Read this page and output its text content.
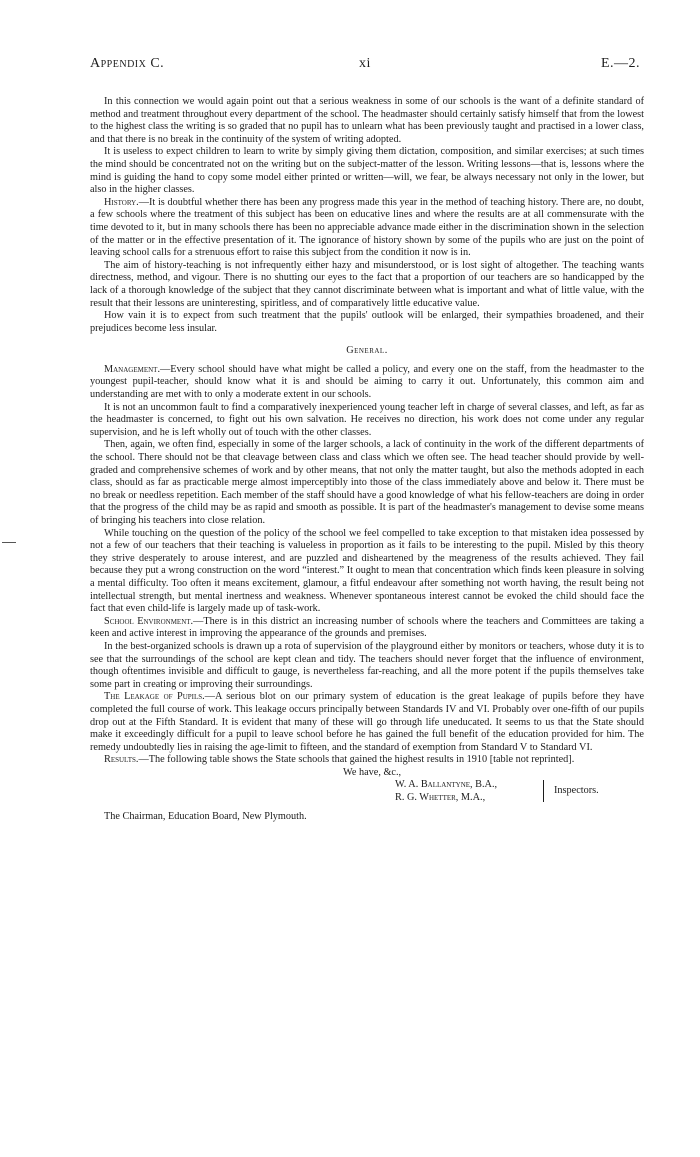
Appendix C.	xi	E.—2.

In this connection we would again point out that a serious weakness in some of our schools is the want of a definite standard of method and treatment throughout every department of the school. The headmaster should certainly satisfy himself that from the lowest to the highest class the writing is so graded that no pupil has to unlearn what has been previously taught and practised in a lower class, and that there is no break in the continuity of the system of writing adopted.

It is useless to expect children to learn to write by simply giving them dictation, composition, and similar exercises; at such times the mind should be concentrated not on the writing but on the subject-matter of the lesson. Writing lessons—that is, lessons where the mind is guiding the hand to copy some model either printed or written—will, we fear, be always necessary not only in the lower, but also in the higher classes.

History.—It is doubtful whether there has been any progress made this year in the method of teaching history. There are, no doubt, a few schools where the treatment of this subject has been on educative lines and where the results are at all commensurate with the time devoted to it, but in many schools there has been no appreciable advance made either in the discrimination shown in the selection of the matter or in the effective presentation of it. The ignorance of history shown by some of the pupils who are just on the point of leaving school calls for a strenuous effort to raise this subject from the condition it now is in.

The aim of history-teaching is not infrequently either hazy and misunderstood, or is lost sight of altogether. The teaching wants directness, method, and vigour. There is no shutting our eyes to the fact that a proportion of our teachers are so handicapped by the lack of a thorough knowledge of the subject that they cannot discriminate between what is important and what of little value, with the result that their lessons are uninteresting, spiritless, and of comparatively little educative value.

How vain it is to expect from such treatment that the pupils' outlook will be enlarged, their sympathies broadened, and their prejudices become less insular.

General.

Management.—Every school should have what might be called a policy, and every one on the staff, from the headmaster to the youngest pupil-teacher, should know what it is and should be aiming to carry it out. Unfortunately, this common aim and understanding are met with to only a moderate extent in our schools.

It is not an uncommon fault to find a comparatively inexperienced young teacher left in charge of several classes, and left, as far as the headmaster is concerned, to fight out his own salvation. He receives no direction, his work does not come under any regular supervision, and he is left wholly out of touch with the other classes.

Then, again, we often find, especially in some of the larger schools, a lack of continuity in the work of the different departments of the school. There should not be that cleavage between class and class which we often see. The head teacher should provide by well-graded and comprehensive schemes of work and by other means, that not only the matter taught, but also the methods adopted in each class, should as far as practicable merge almost imperceptibly into those of the class immediately above and below it. There must be no break or needless repetition. Each member of the staff should have a good knowledge of what his fellow-teachers are doing in order that the progress of the child may be as rapid and smooth as possible. It is part of the headmaster's management to devise some means of bringing his teachers into close relation.

While touching on the question of the policy of the school we feel compelled to take exception to that mistaken idea possessed by not a few of our teachers that their teaching is valueless in proportion as it fails to be interesting to the pupil. Misled by this theory they strive desperately to arouse interest, and are puzzled and disheartened by the meagreness of the results achieved. They fail because they put a wrong construction on the word “interest.” It ought to mean that concentration which finds keen pleasure in solving a mental difficulty. Too often it means excitement, glamour, a fitful endeavour after something not worth having, the result being not intellectual strength, but mental inertness and weakness. Whenever spontaneous interest cannot be evoked the child should face the fact that even child-life is largely made up of task-work.

School Environment.—There is in this district an increasing number of schools where the teachers and Committees are taking a keen and active interest in improving the appearance of the grounds and premises.

In the best-organized schools is drawn up a rota of supervision of the playground either by monitors or teachers, whose duty it is to see that the surroundings of the school are kept clean and tidy. The teachers should never forget that the influence of environment, though oftentimes invisible and difficult to gauge, is nevertheless far-reaching, and all the more potent if the pupils themselves take some part in creating or improving their surroundings.

The Leakage of Pupils.—A serious blot on our primary system of education is the great leakage of pupils before they have completed the full course of work. This leakage occurs principally between Standards IV and VI. Probably over one-fifth of our pupils drop out at the Fifth Standard. It is evident that many of these will go through life uneducated. It seems to us that the State should make it exceedingly difficult for a pupil to leave school before he has gained the full benefit of the education provided for him. The remedy undoubtedly lies in raising the age-limit to fifteen, and the standard of exemption from Standard V to Standard VI.

Results.—The following table shows the State schools that gained the highest results in 1910 [table not reprinted].

We have, &c.,
W. A. Ballantyne, B.A.,
R. G. Whetter, M.A.,
Inspectors.
The Chairman, Education Board, New Plymouth.
